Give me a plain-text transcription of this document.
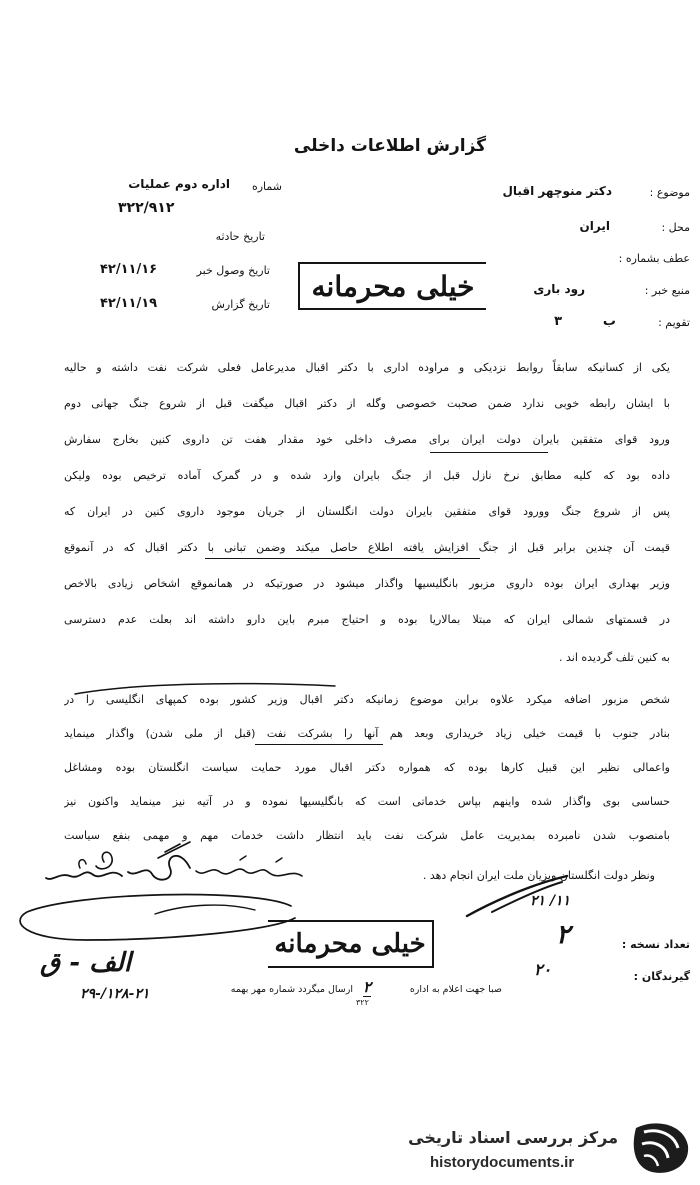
گزارش اطلاعات داخلی
شماره
اداره دوم عملیات
۳۲۲/۹۱۲
تاریخ حادثه
تاریخ وصول خبر
۴۲/۱۱/۱۶
تاریخ گزارش
۴۲/۱۱/۱۹
موضوع :
دکتر منوچهر اقبال
محل :
ایران
عطف بشماره :
منبع خبر :
رود باری
تقویم :
ب
۳
خیلی محرمانه
یکی از کسانیکه سابقاً روابط نزدیکی و مراوده اداری با دکتر اقبال مدیرعامل فعلی شرکت نفت داشته و حالیه
با ایشان رابطه خوبی ندارد ضمن صحبت خصوصی وگله از دکتر اقبال میگفت قبل از شروع جنگ جهانی دوم
ورود قوای متفقین بایران دولت ایران برای مصرف داخلی خود مقدار هفت تن داروی کنین بخارج سفارش
داده بود که کلیه مطابق نرخ نازل قبل از جنگ بایران وارد شده و در گمرک آماده ترخیص بوده ولیکن
پس از شروع جنگ وورود قوای متفقین بایران دولت انگلستان از جریان موجود داروی کنین در ایران که
قیمت آن چندین برابر قبل از جنگ افزایش یافته اطلاع حاصل میکند وضمن تبانی با دکتر اقبال که در آنموقع
وزیر بهداری ایران بوده داروی مزبور بانگلیسیها واگذار میشود در صورتیکه در همانموقع اشخاص زیادی بالاخص
در قسمتهای شمالی ایران که مبتلا بمالاریا بوده و احتیاج مبرم باین دارو داشته اند بعلت عدم دسترسی
به کنین تلف گردیده اند .
شخص مزبور اضافه میکرد علاوه براین موضوع زمانیکه دکتر اقبال وزیر کشور بوده کمپهای انگلیسی را در
بنادر جنوب با قیمت خیلی زیاد خریداری وبعد هم آنها را بشرکت نفت (قبل از ملی شدن) واگذار مینماید
واعمالی نظیر این قبیل کارها بوده که همواره دکتر اقبال مورد حمایت سیاست انگلستان بوده ومشاغل
حساسی بوی واگذار شده واینهم بپاس خدماتی است که بانگلیسیها نموده و در آتیه نیز مینماید واکنون نیز
بامنصوب شدن نامبرده بمدیریت عامل شرکت نفت باید انتظار داشت خدمات مهم و مهمی بنفع سیاست
ونظر دولت انگلستان وبزیان ملت ایران انجام دهد .
الف - ق
۲۹-/۱۲۸-۲۱
خیلی محرمانه
۲۱ /۱۱
تعداد نسخه :
۲
گیرندگان :
۲۰
صبا جهت اعلام به اداره
۲
۳۲۲
ارسال میگردد شماره مهر بهمه
مرکز بررسی اسناد تاریخی
historydocuments.ir
